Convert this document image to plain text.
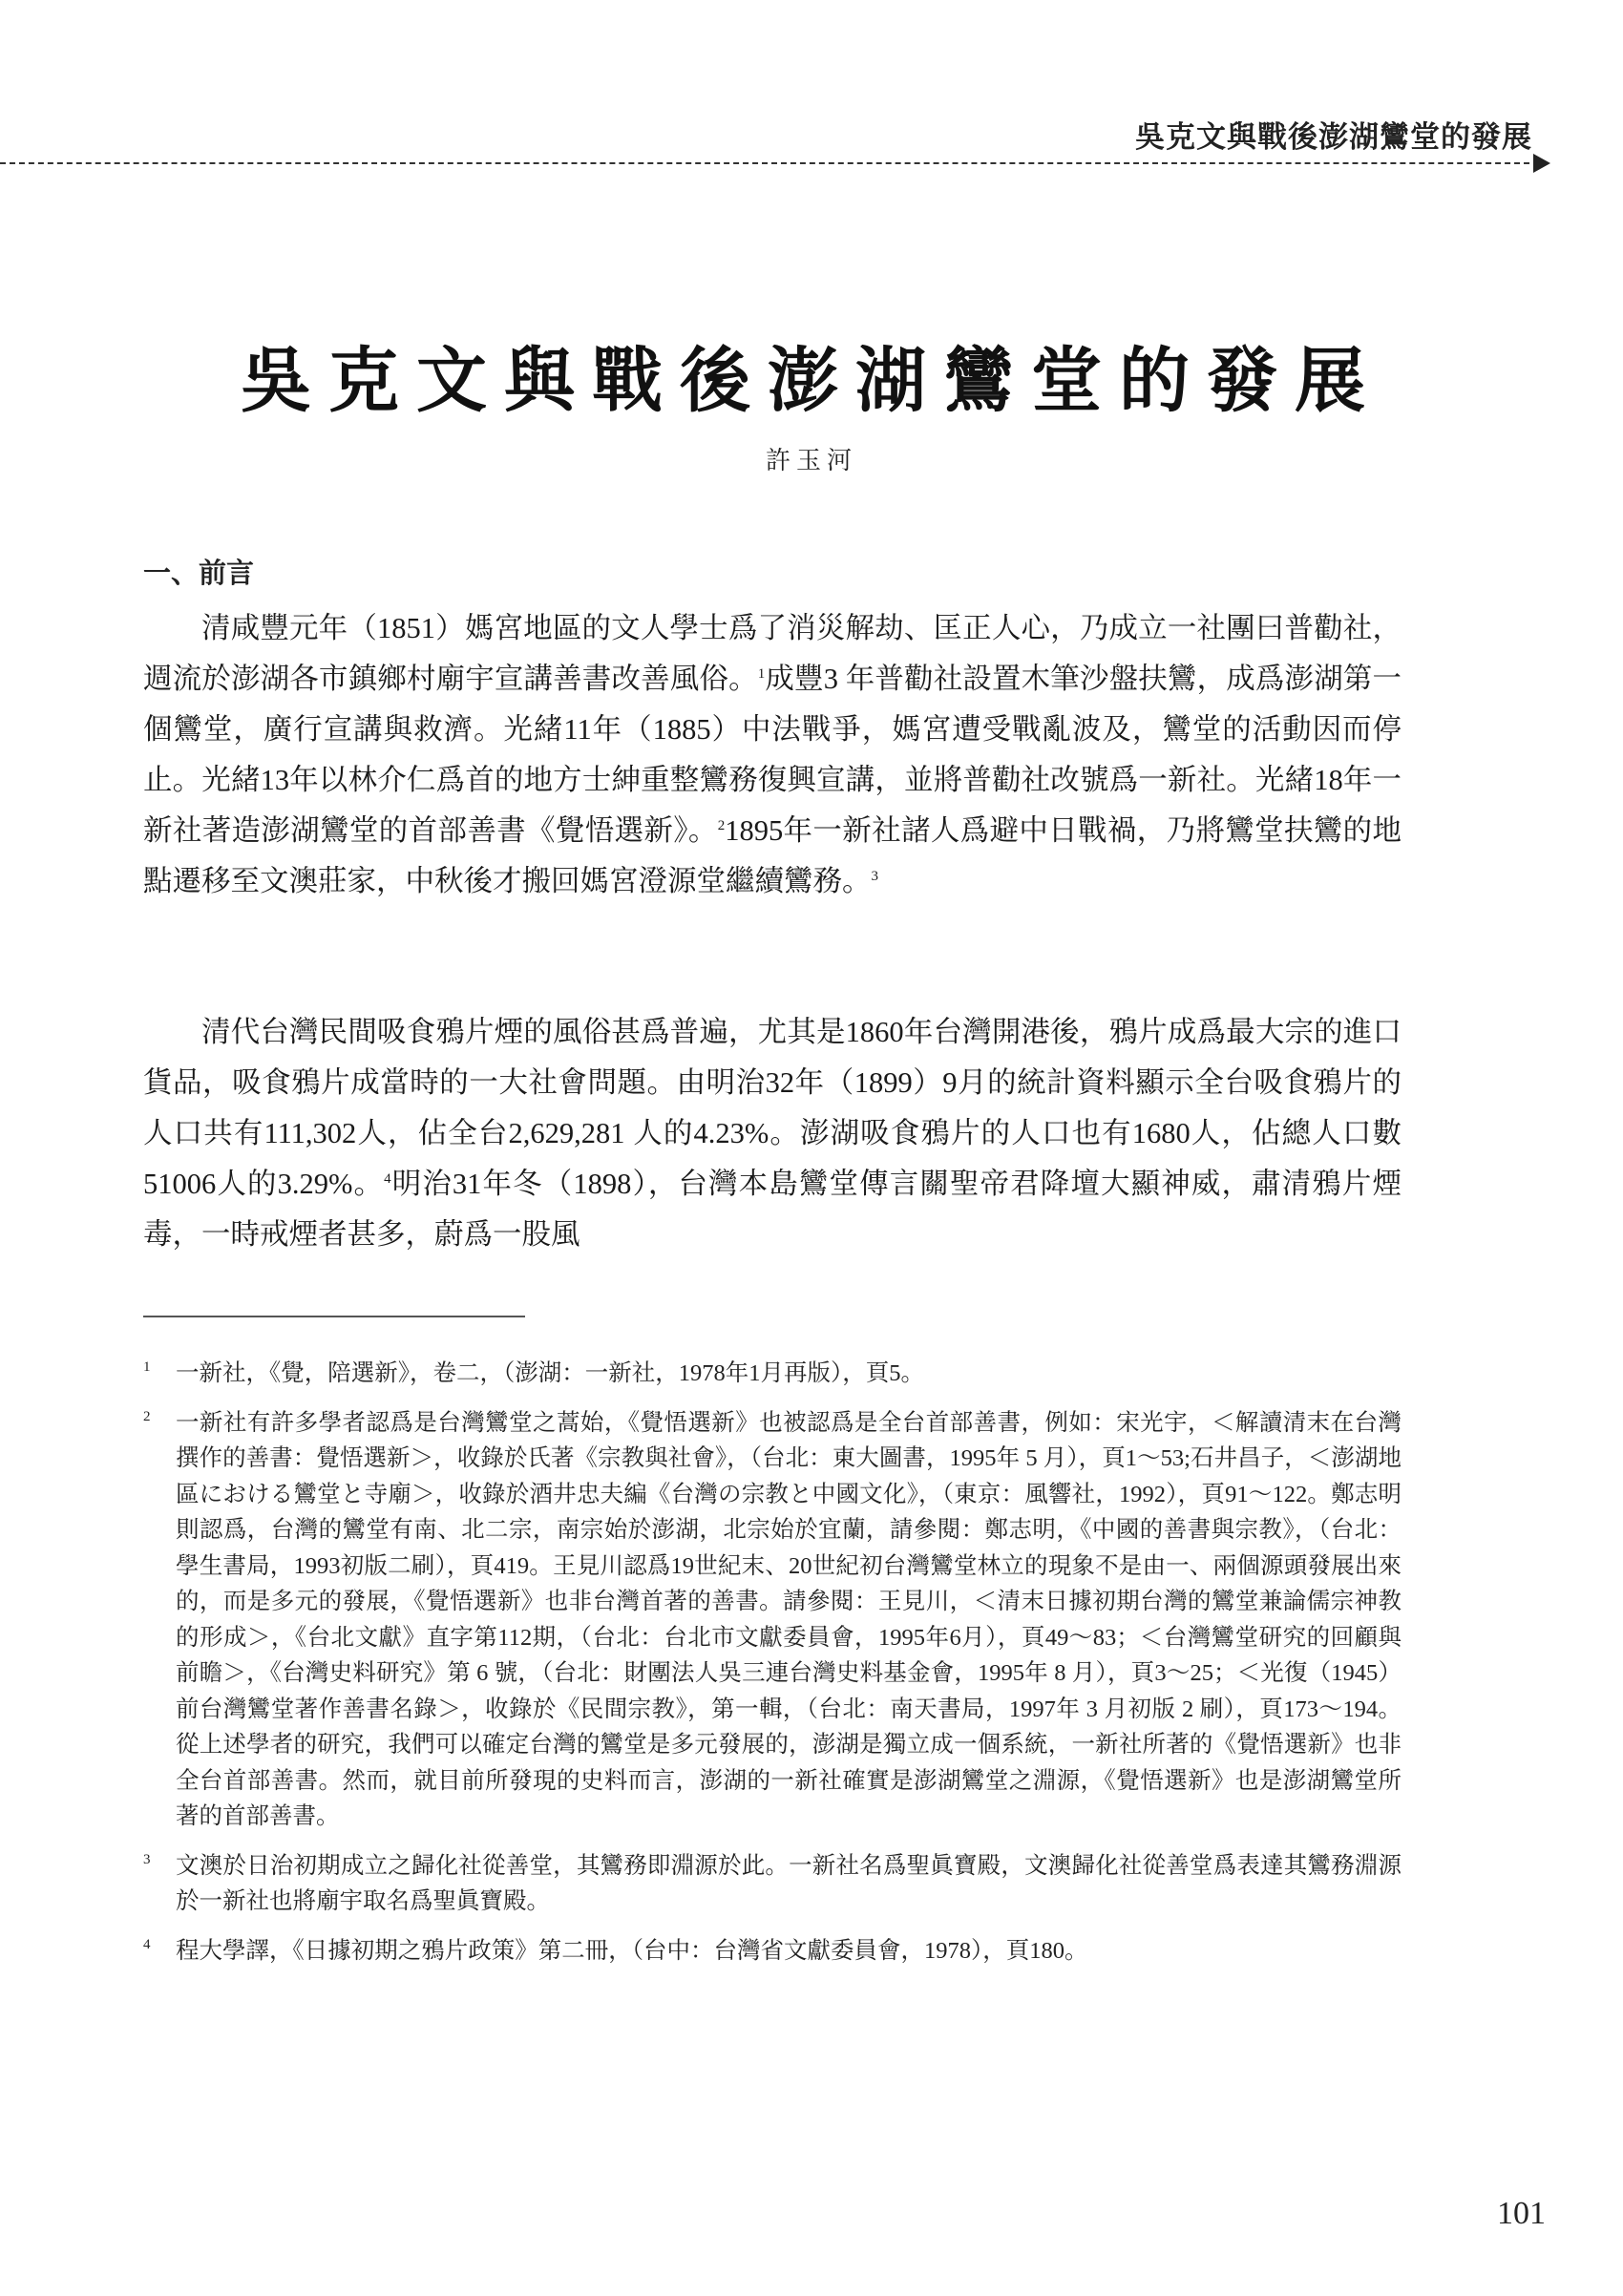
吳克文與戰後澎湖鸞堂的發展
吳克文與戰後澎湖鸞堂的發展
許玉河
一、前言

清咸豐元年（1851）媽宮地區的文人學士爲了消災解劫、匡正人心，乃成立一社團曰普勸社，週流於澎湖各市鎮鄉村廟宇宣講善書改善風俗。$^1$成豐3 年普勸社設置木筆沙盤扶鸞，成爲澎湖第一個鸞堂，廣行宣講與救濟。光緒11年（1885）中法戰爭，媽宮遭受戰亂波及，鸞堂的活動因而停止。光緒13年以林介仁爲首的地方士紳重整鸞務復興宣講，並將普勸社改號爲一新社。光緒18年一新社著造澎湖鸞堂的首部善書《覺悟選新》。$^2$1895年一新社諸人爲避中日戰禍，乃將鸞堂扶鸞的地點遷移至文澳莊家，中秋後才搬回媽宮澄源堂繼續鸞務。$^3$

清代台灣民間吸食鴉片煙的風俗甚爲普遍，尤其是1860年台灣開港後，鴉片成爲最大宗的進口貨品，吸食鴉片成當時的一大社會問題。由明治32年（1899）9月的統計資料顯示全台吸食鴉片的人口共有111,302人，佔全台2,629,281 人的4.23%。澎湖吸食鴉片的人口也有1680人，佔總人口數51006人的3.29%。$^4$明治31年冬（1898），台灣本島鸞堂傳言關聖帝君降壇大顯神威，肅清鴉片煙毒，一時戒煙者甚多，蔚爲一股風

1 一新社，《覺，陪選新》，卷二，（澎湖：一新社，1978年1月再版），頁5。
2 一新社有許多學者認爲是台灣鸞堂之蒿始，《覺悟選新》也被認爲是全台首部善書，例如：宋光宇，＜解讀清末在台灣撰作的善書：覺悟選新＞，收錄於氏著《宗教與社會》，（台北：東大圖書，1995年 5 月），頁1～53;石井昌子，＜澎湖地區における鸞堂と寺廟＞，收錄於酒井忠夫編《台灣の宗教と中國文化》，（東京：風響社，1992），頁91～122。鄭志明則認爲，台灣的鸞堂有南、北二宗，南宗始於澎湖，北宗始於宜蘭，請參閱：鄭志明，《中國的善書與宗教》，（台北：學生書局，1993初版二刷），頁419。王見川認爲19世紀末、20世紀初台灣鸞堂林立的現象不是由一、兩個源頭發展出來的，而是多元的發展，《覺悟選新》也非台灣首著的善書。請參閱：王見川，＜清末日據初期台灣的鸞堂兼論儒宗神教的形成＞，《台北文獻》直字第112期，（台北：台北市文獻委員會，1995年6月），頁49～83；＜台灣鸞堂研究的回顧與前瞻＞，《台灣史料研究》第 6 號，（台北：財團法人吳三連台灣史料基金會，1995年 8 月），頁3～25；＜光復（1945）前台灣鸞堂著作善書名錄＞，收錄於《民間宗教》，第一輯，（台北：南天書局，1997年 3 月初版 2 刷），頁173～194。從上述學者的研究，我們可以確定台灣的鸞堂是多元發展的，澎湖是獨立成一個系統，一新社所著的《覺悟選新》也非全台首部善書。然而，就目前所發現的史料而言，澎湖的一新社確實是澎湖鸞堂之淵源，《覺悟選新》也是澎湖鸞堂所著的首部善書。
3 文澳於日治初期成立之歸化社從善堂，其鸞務即淵源於此。一新社名爲聖眞寶殿，文澳歸化社從善堂爲表達其鸞務淵源於一新社也將廟宇取名爲聖眞寶殿。
4 程大學譯，《日據初期之鴉片政策》第二冊，（台中：台灣省文獻委員會，1978），頁180。
101
